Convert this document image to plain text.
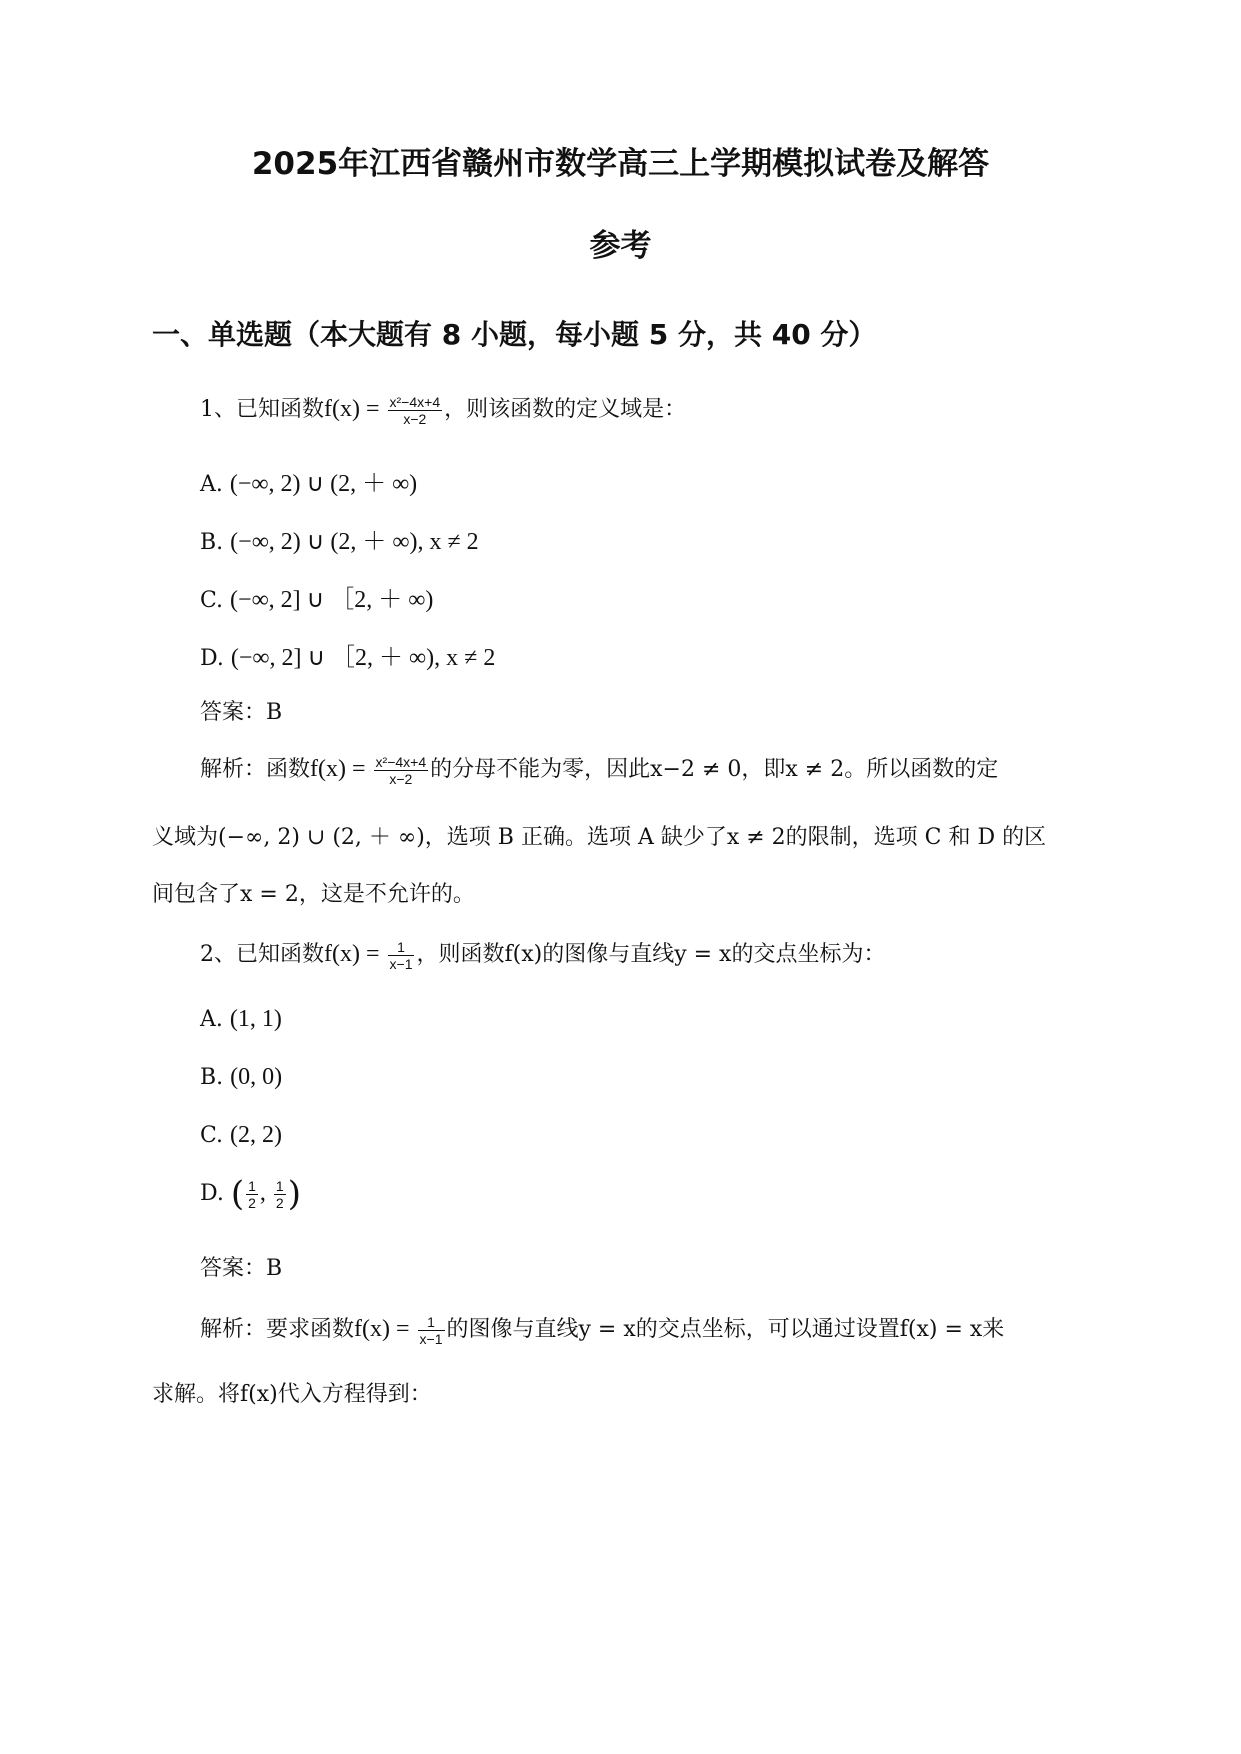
2025年江西省赣州市数学高三上学期模拟试卷及解答
参考
一、单选题（本大题有 8 小题，每小题 5 分，共 40 分）
1、已知函数$f(x) = \frac{\text{x²−4x+4}}{x-2}$ ，则该函数的定义域是：
A. (−∞, 2) ∪ (2, ＋ ∞)
B. (−∞, 2) ∪ (2, ＋ ∞), x ≠ 2
C. (−∞, 2] ∪ ［2, ＋ ∞)
D. (−∞, 2] ∪ ［2, ＋ ∞), x ≠ 2
答案：B
解析：函数$f(x) = \frac{\text{x²−4x+4}}{x-2}$ 的分母不能为零，因此x−2 ≠ 0，即x ≠ 2。所以函数的定
义域为(−∞, 2) ∪ (2, ＋ ∞)，选项 B 正确。选项 A 缺少了x ≠ 2的限制，选项 C 和 D 的区
间包含了x = 2，这是不允许的。
2、已知函数$f(x) = \frac{1}{x-1}$ ，则函数f(x)的图像与直线y = x的交点坐标为：
A. (1, 1)
B. (0, 0)
C. (2, 2)
D. ( $\frac{1}{2}$ , $\frac{1}{2}$ )
答案：B
解析：要求函数$f(x) = \frac{1}{x-1}$ 的图像与直线y = x的交点坐标，可以通过设置f(x) = x来
求解。将f(x)代入方程得到：
